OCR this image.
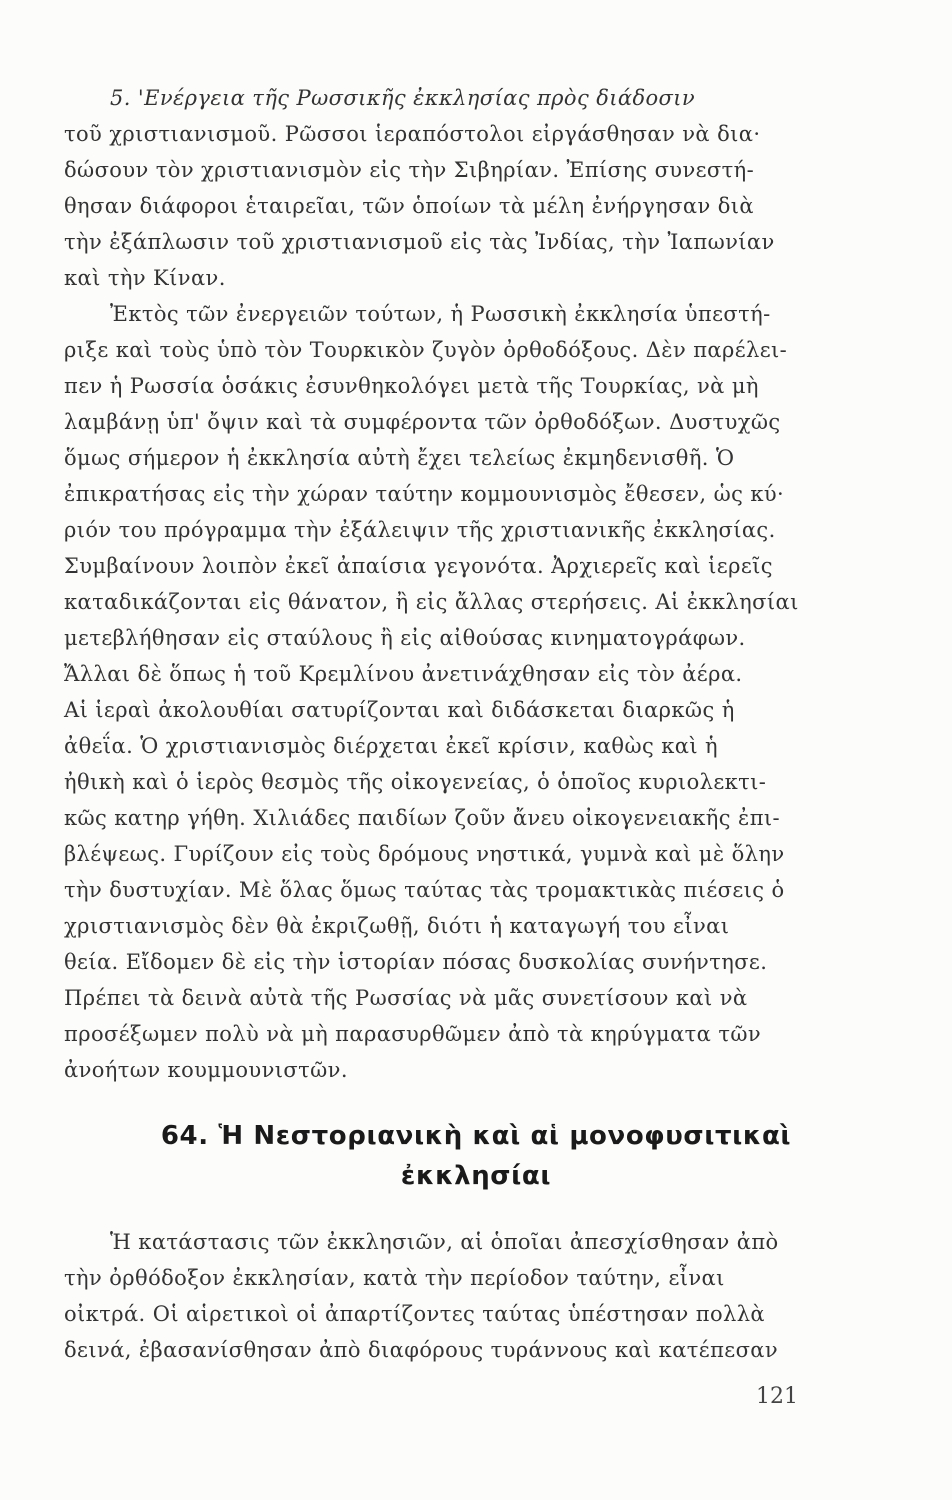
5. 'Ενέργεια τῆς Ρωσσικῆς ἐκκλησίας πρὸς διάδοσιν
τοῦ χριστιανισμοῦ. Ρῶσσοι ἱεραπόστολοι εἰργάσθησαν νὰ δια·
δώσουν τὸν χριστιανισμὸν εἰς τὴν Σιβηρίαν. Ἐπίσης συνεστή-
θησαν διάφοροι ἑταιρεῖαι, τῶν ὁποίων τὰ μέλη ἐνήργησαν διὰ
τὴν ἐξάπλωσιν τοῦ χριστιανισμοῦ εἰς τὰς Ἰνδίας, τὴν Ἰαπωνίαν
καὶ τὴν Κίναν.
Ἐκτὸς τῶν ἐνεργειῶν τούτων, ἡ Ρωσσικὴ ἐκκλησία ὑπεστή-
ριξε καὶ τοὺς ὑπὸ τὸν Τουρκικὸν ζυγὸν ὀρθοδόξους. Δὲν παρέλει-
πεν ἡ Ρωσσία ὁσάκις ἐσυνθηκολόγει μετὰ τῆς Τουρκίας, νὰ μὴ
λαμβάνῃ ὑπ' ὄψιν καὶ τὰ συμφέροντα τῶν ὀρθοδόξων. Δυστυχῶς
ὅμως σήμερον ἡ ἐκκλησία αὐτὴ ἔχει τελείως ἐκμηδενισθῆ. Ὁ
ἐπικρατήσας εἰς τὴν χώραν ταύτην κομμουνισμὸς ἔθεσεν, ὡς κύ·
ριόν του πρόγραμμα τὴν ἐξάλειψιν τῆς χριστιανικῆς ἐκκλησίας.
Συμβαίνουν λοιπὸν ἐκεῖ ἀπαίσια γεγονότα. Ἀρχιερεῖς καὶ ἱερεῖς
καταδικάζονται εἰς θάνατον, ἢ εἰς ἄλλας στερήσεις. Αἱ ἐκκλησίαι
μετεβλήθησαν εἰς σταύλους ἢ εἰς αἰθούσας κινηματογράφων.
Ἄλλαι δὲ ὅπως ἡ τοῦ Κρεμλίνου ἀνετινάχθησαν εἰς τὸν ἀέρα.
Αἱ ἱεραὶ ἀκολουθίαι σατυρίζονται καὶ διδάσκεται διαρκῶς ἡ
ἀθεΐα. Ὁ χριστιανισμὸς διέρχεται ἐκεῖ κρίσιν, καθὼς καὶ ἡ
ἠθικὴ καὶ ὁ ἱερὸς θεσμὸς τῆς οἰκογενείας, ὁ ὁποῖος κυριολεκτι-
κῶς κατηρ γήθη. Χιλιάδες παιδίων ζοῦν ἄνευ οἰκογενειακῆς ἐπι-
βλέψεως. Γυρίζουν εἰς τοὺς δρόμους νηστικά, γυμνὰ καὶ μὲ ὅλην
τὴν δυστυχίαν. Μὲ ὅλας ὅμως ταύτας τὰς τρομακτικὰς πιέσεις ὁ
χριστιανισμὸς δὲν θὰ ἐκριζωθῇ, διότι ἡ καταγωγή του εἶναι
θεία. Εἴδομεν δὲ εἰς τὴν ἱστορίαν πόσας δυσκολίας συνήντησε.
Πρέπει τὰ δεινὰ αὐτὰ τῆς Ρωσσίας νὰ μᾶς συνετίσουν καὶ νὰ
προσέξωμεν πολὺ νὰ μὴ παρασυρθῶμεν ἀπὸ τὰ κηρύγματα τῶν
ἀνοήτων κουμμουνιστῶν.
64. Ἡ Νεστοριανικὴ καὶ αἱ μονοφυσιτικαὶ
ἐκκλησίαι
Ἡ κατάστασις τῶν ἐκκλησιῶν, αἱ ὁποῖαι ἀπεσχίσθησαν ἀπὸ
τὴν ὀρθόδοξον ἐκκλησίαν, κατὰ τὴν περίοδον ταύτην, εἶναι
οἰκτρά. Οἱ αἱρετικοὶ οἱ ἀπαρτίζοντες ταύτας ὑπέστησαν πολλὰ
δεινά, ἐβασανίσθησαν ἀπὸ διαφόρους τυράννους καὶ κατέπεσαν
121
